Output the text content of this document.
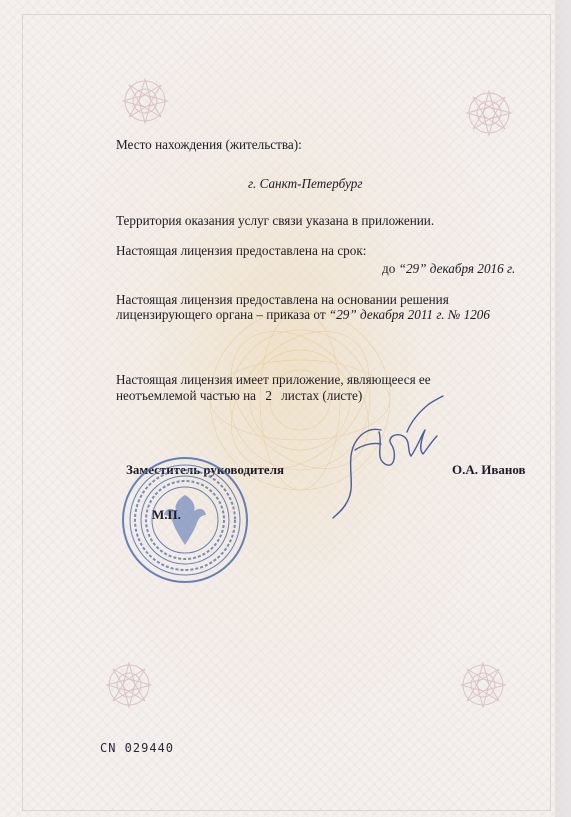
Место нахождения (жительства):
г. Санкт-Петербург
Территория оказания услуг связи указана в приложении.
Настоящая лицензия предоставлена на срок:
до “29” декабря 2016 г.
Настоящая лицензия предоставлена на основании решения
лицензирующего органа – приказа от “29” декабря 2011 г. № 1206
Настоящая лицензия имеет приложение, являющееся ее
неотъемлемой частью на 2 листах (листе)
Заместитель руководителя	О.А. Иванов
М.П.
CN 029440
